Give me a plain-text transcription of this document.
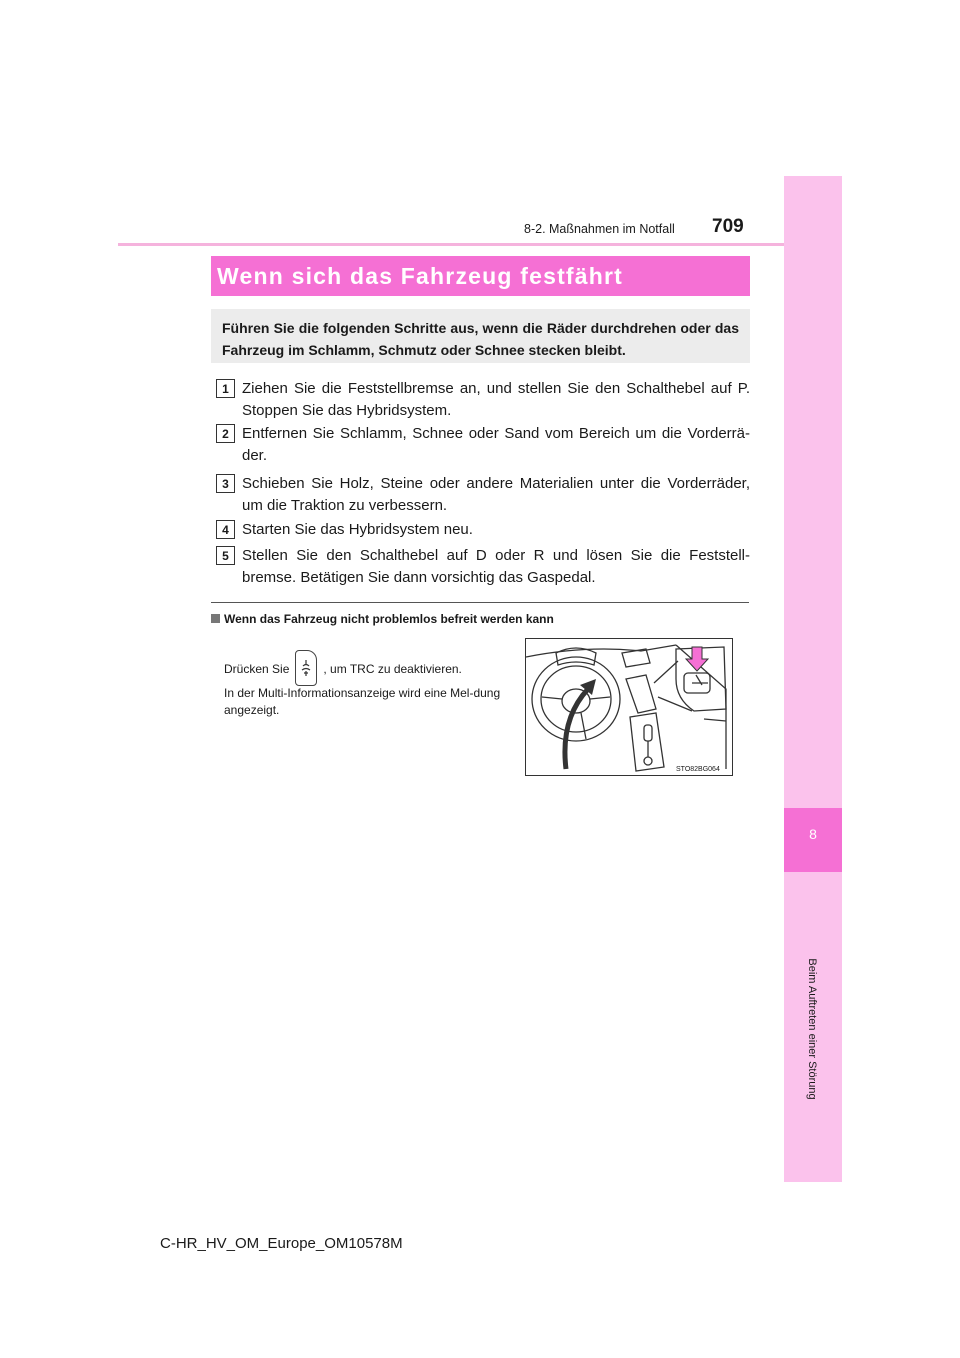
8-2. Maßnahmen im Notfall 709
8
Beim Auftreten einer Störung
Wenn sich das Fahrzeug festfährt
Führen Sie die folgenden Schritte aus, wenn die Räder durchdrehen oder das Fahrzeug im Schlamm, Schmutz oder Schnee stecken bleibt.
1 Ziehen Sie die Feststellbremse an, und stellen Sie den Schalthebel auf P. Stoppen Sie das Hybridsystem.
2 Entfernen Sie Schlamm, Schnee oder Sand vom Bereich um die Vorderrä-der.
3 Schieben Sie Holz, Steine oder andere Materialien unter die Vorderräder, um die Traktion zu verbessern.
4 Starten Sie das Hybridsystem neu.
5 Stellen Sie den Schalthebel auf D oder R und lösen Sie die Feststell-bremse. Betätigen Sie dann vorsichtig das Gaspedal.
Wenn das Fahrzeug nicht problemlos befreit werden kann
Drücken Sie	, um TRC zu deaktivieren.
In der Multi-Informationsanzeige wird eine Mel-dung angezeigt.
STO82BG064
C-HR_HV_OM_Europe_OM10578M
